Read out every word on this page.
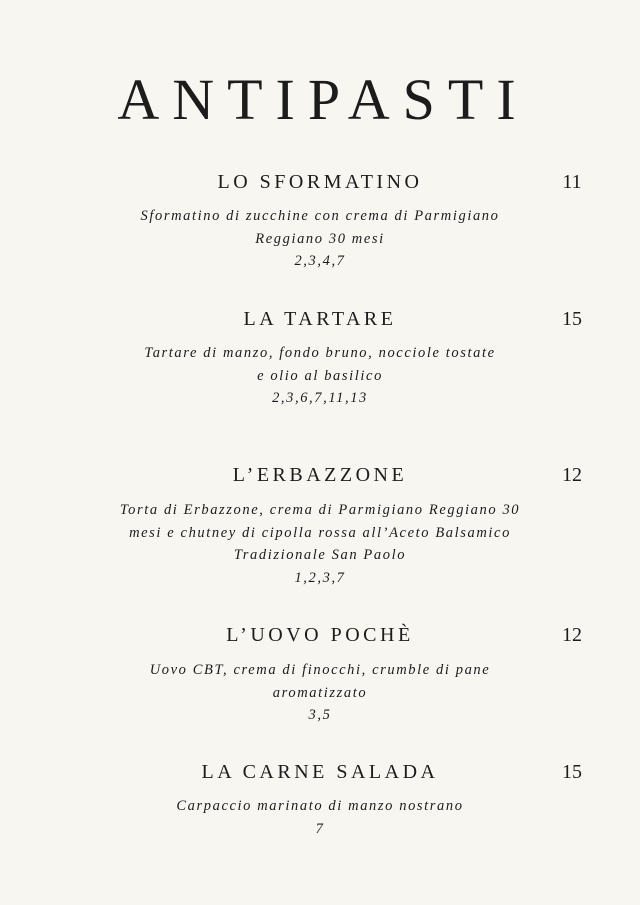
ANTIPASTI
LO SFORMATINO	11
Sformatino di zucchine con crema di Parmigiano
Reggiano 30 mesi
2,3,4,7
LA TARTARE	15
Tartare di manzo, fondo bruno, nocciole tostate
e olio al basilico
2,3,6,7,11,13
L’ERBAZZONE	12
Torta di Erbazzone, crema di Parmigiano Reggiano 30
mesi e chutney di cipolla rossa all’Aceto Balsamico
Tradizionale San Paolo
1,2,3,7
L’UOVO POCHÈ	12
Uovo CBT, crema di finocchi, crumble di pane
aromatizzato
3,5
LA CARNE SALADA	15
Carpaccio marinato di manzo nostrano
7
